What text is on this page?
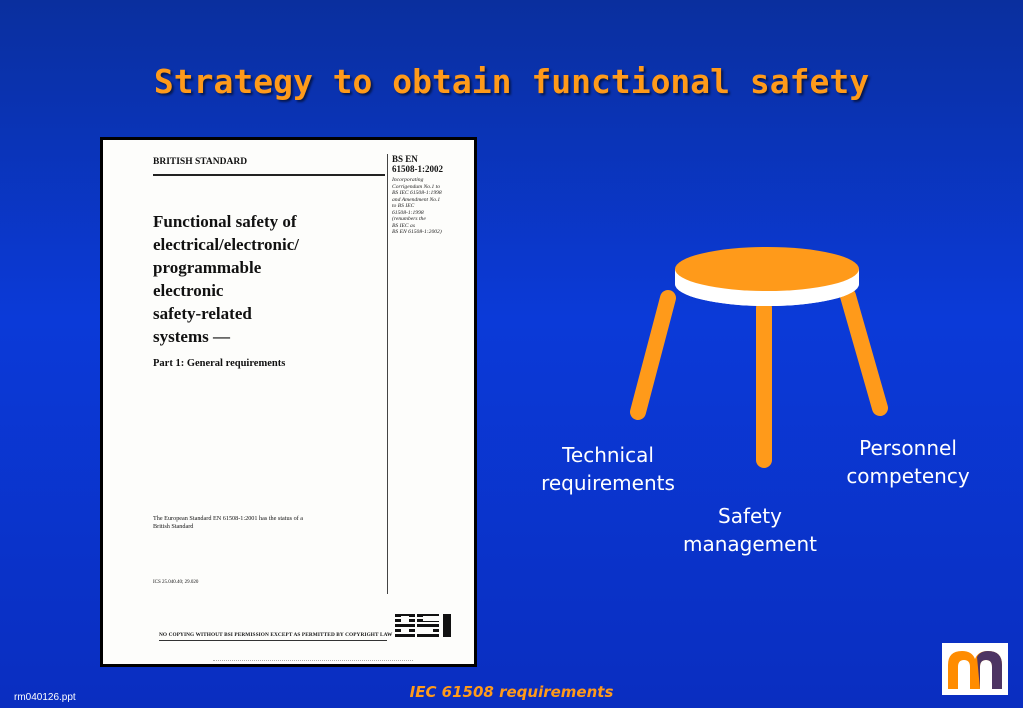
Strategy to obtain functional safety
BRITISH STANDARD	BS EN
61508-1:2002
Incorporating
Corrigendum No.1 to
BS IEC 61508-1:1998
and Amendment No.1
to BS IEC
61508-1:1998
(renumbers the
BS IEC as
BS EN 61508-1:2002)
Functional safety of
electrical/electronic/
programmable
electronic
safety-related
systems —
Part 1: General requirements
The European Standard EN 61508-1:2001 has the status of a
British Standard
ICS 25.040.40; 29.020
NO COPYING WITHOUT BSI PERMISSION EXCEPT AS PERMITTED BY COPYRIGHT LAW
Technical
requirements
Safety
management
Personnel
competency
IEC 61508 requirements
rm040126.ppt
